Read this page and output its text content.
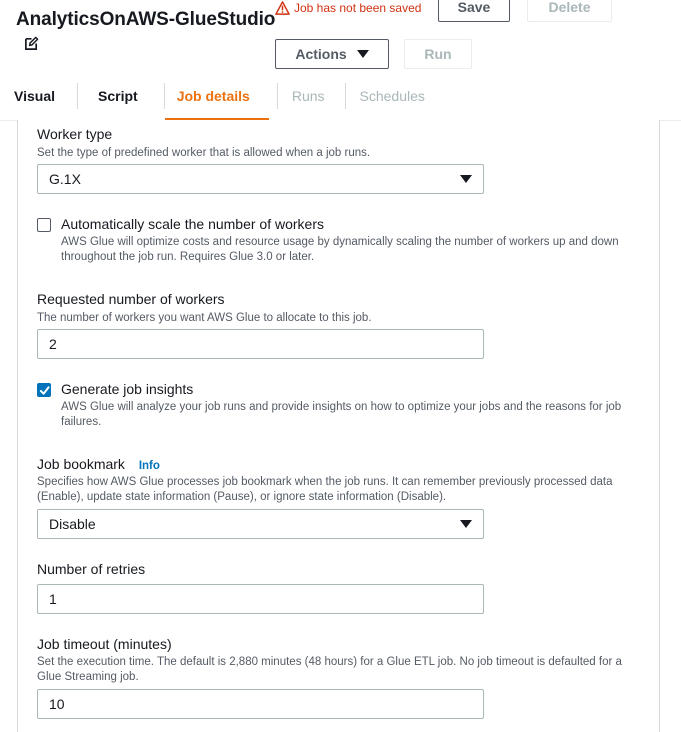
AnalyticsOnAWS-GlueStudio
Job has not been saved	Save	Delete
Actions	Run
Visual	Script	Job details	Runs	Schedules
Worker type
Set the type of predefined worker that is allowed when a job runs.
G.1X
Automatically scale the number of workers
AWS Glue will optimize costs and resource usage by dynamically scaling the number of workers up and down throughout the job run. Requires Glue 3.0 or later.
Requested number of workers
The number of workers you want AWS Glue to allocate to this job.
2
Generate job insights
AWS Glue will analyze your job runs and provide insights on how to optimize your jobs and the reasons for job failures.
Job bookmark Info
Specifies how AWS Glue processes job bookmark when the job runs. It can remember previously processed data (Enable), update state information (Pause), or ignore state information (Disable).
Disable
Number of retries
1
Job timeout (minutes)
Set the execution time. The default is 2,880 minutes (48 hours) for a Glue ETL job. No job timeout is defaulted for a Glue Streaming job.
10
